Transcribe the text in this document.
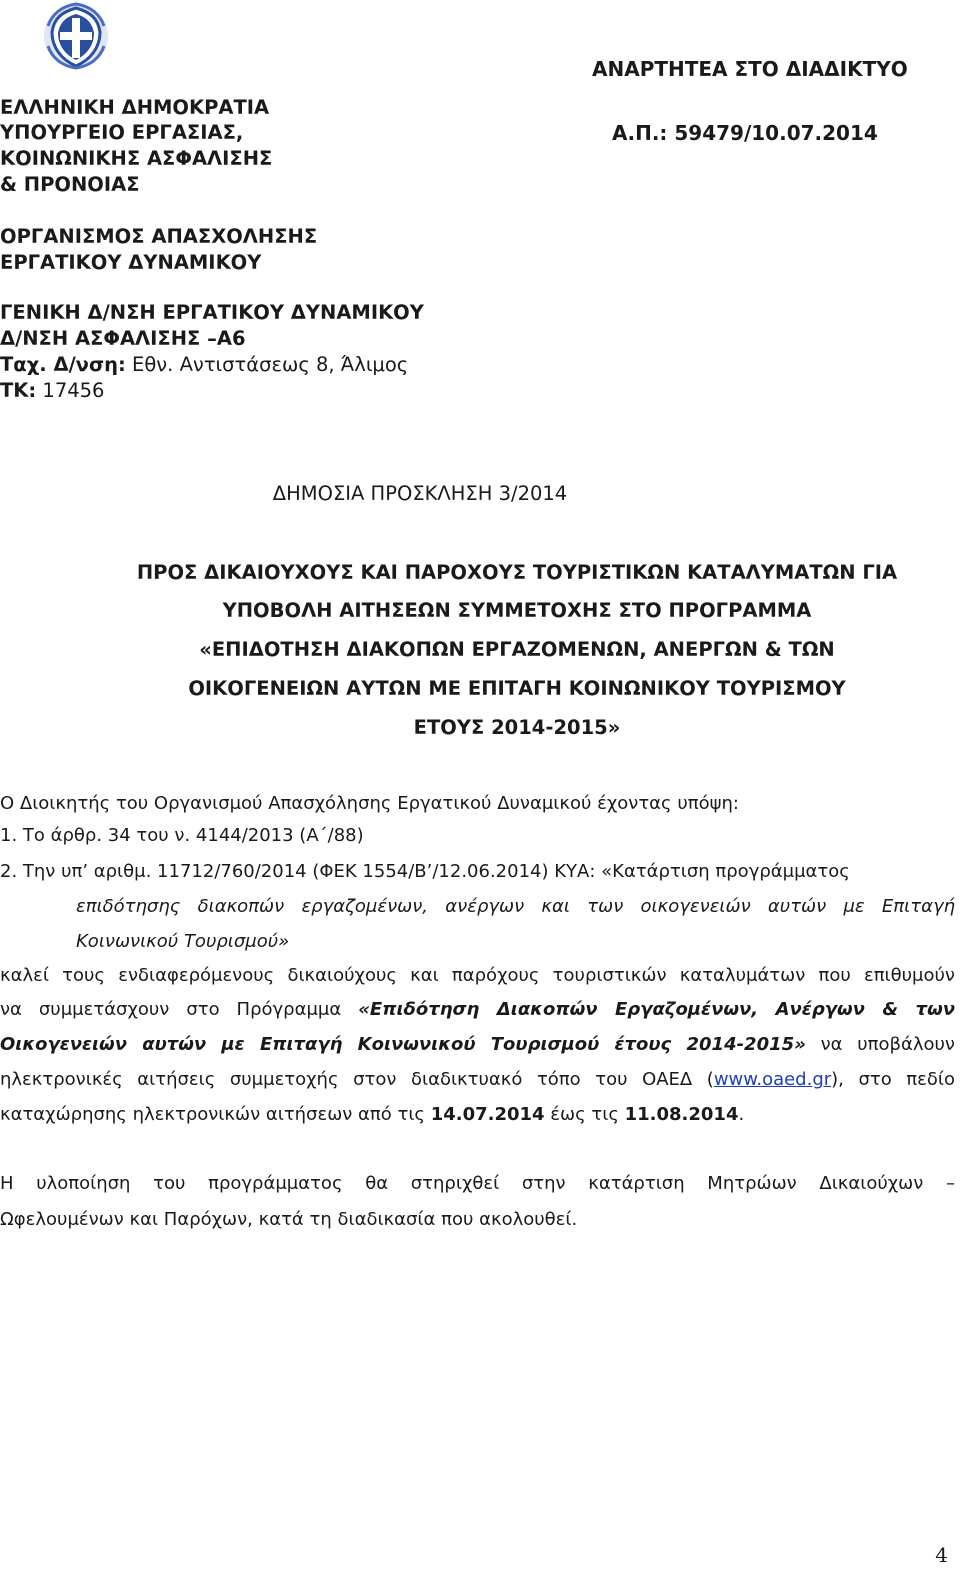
ΕΛΛΗΝΙΚΗ ΔΗΜΟΚΡΑΤΙΑ
ΥΠΟΥΡΓΕΙΟ ΕΡΓΑΣΙΑΣ,
ΚΟΙΝΩΝΙΚΗΣ ΑΣΦΑΛΙΣΗΣ
& ΠΡΟΝΟΙΑΣ
ΟΡΓΑΝΙΣΜΟΣ ΑΠΑΣΧΟΛΗΣΗΣ
ΕΡΓΑΤΙΚΟΥ ΔΥΝΑΜΙΚΟΥ
ΓΕΝΙΚΗ Δ/ΝΣΗ ΕΡΓΑΤΙΚΟΥ ΔΥΝΑΜΙΚΟΥ
Δ/ΝΣΗ ΑΣΦΑΛΙΣΗΣ –Α6
Ταχ. Δ/νση: Εθν. Αντιστάσεως 8, Άλιμος
ΤΚ: 17456
ΑΝΑΡΤΗΤΕΑ ΣΤΟ ΔΙΑΔΙΚΤΥΟ
Α.Π.: 59479/10.07.2014
ΔΗΜΟΣΙΑ ΠΡΟΣΚΛΗΣΗ 3/2014
ΠΡΟΣ ΔΙΚΑΙΟΥΧΟΥΣ ΚΑΙ ΠΑΡΟΧΟΥΣ ΤΟΥΡΙΣΤΙΚΩΝ ΚΑΤΑΛΥΜΑΤΩΝ ΓΙΑ
ΥΠΟΒΟΛΗ ΑΙΤΗΣΕΩΝ ΣΥΜΜΕΤΟΧΗΣ ΣΤΟ ΠΡΟΓΡΑΜΜΑ
«ΕΠΙΔΟΤΗΣΗ ΔΙΑΚΟΠΩΝ ΕΡΓΑΖΟΜΕΝΩΝ, ΑΝΕΡΓΩΝ & ΤΩΝ
ΟΙΚΟΓΕΝΕΙΩΝ ΑΥΤΩΝ ΜΕ ΕΠΙΤΑΓΗ ΚΟΙΝΩΝΙΚΟΥ ΤΟΥΡΙΣΜΟΥ
ΕΤΟΥΣ 2014-2015»
Ο Διοικητής του Οργανισμού Απασχόλησης Εργατικού Δυναμικού έχοντας υπόψη:
1. Το άρθρ. 34 του ν. 4144/2013 (Α΄/88)
2. Την υπ’ αριθμ. 11712/760/2014 (ΦΕΚ 1554/Β’/12.06.2014) ΚΥΑ: «Κατάρτιση προγράμματος
επιδότησης διακοπών εργαζομένων, ανέργων και των οικογενειών αυτών με Επιταγή
Κοινωνικού Τουρισμού»
καλεί τους ενδιαφερόμενους δικαιούχους και παρόχους τουριστικών καταλυμάτων που επιθυμούν
να συμμετάσχουν στο Πρόγραμμα «Επιδότηση Διακοπών Εργαζομένων, Ανέργων & των
Οικογενειών αυτών με Επιταγή Κοινωνικού Τουρισμού έτους 2014-2015» να υποβάλουν
ηλεκτρονικές αιτήσεις συμμετοχής στον διαδικτυακό τόπο του ΟΑΕΔ (www.oaed.gr), στο πεδίο
καταχώρησης ηλεκτρονικών αιτήσεων από τις 14.07.2014 έως τις 11.08.2014.
Η υλοποίηση του προγράμματος θα στηριχθεί στην κατάρτιση Μητρώων Δικαιούχων –
Ωφελουμένων και Παρόχων, κατά τη διαδικασία που ακολουθεί.
4
